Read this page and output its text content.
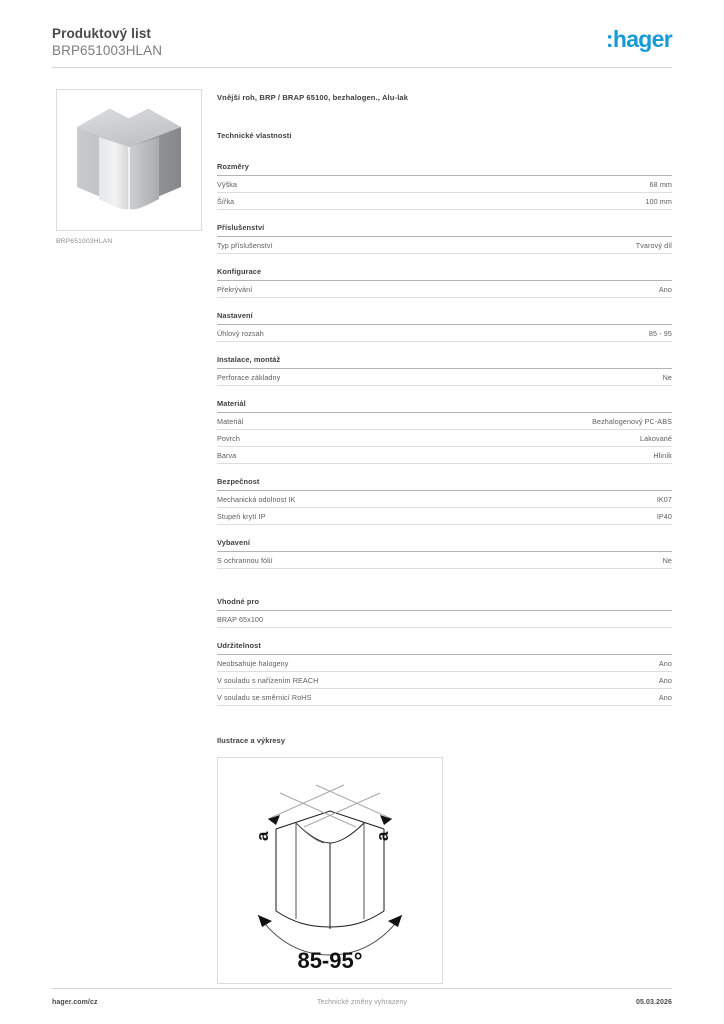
Produktový list
BRP651003HLAN	:hager
BRP651003HLAN
Vnější roh, BRP / BRAP 65100, bezhalogen., Alu-lak
Technické vlastnosti
Rozměry
Výška	68 mm
Šířka	100 mm
Příslušenství
Typ příslušenství	Tvarový díl
Konfigurace
Překrývání	Ano
Nastavení
Úhlový rozsah	85 - 95
Instalace, montáž
Perforace základny	Ne
Materiál
Materiál	Bezhalogenový PC-ABS
Povrch	Lakované
Barva	Hliník
Bezpečnost
Mechanická odolnost IK	IK07
Stupeň krytí IP	IP40
Vybavení
S ochrannou fólií	Ne
Vhodné pro
BRAP 65x100
Udržitelnost
Neobsahuje halogeny	Ano
V souladu s nařízením REACH	Ano
V souladu se směrnicí RoHS	Ano
Ilustrace a výkresy
a	a
85-95°
hager.com/cz	Technické změny vyhrazeny	05.03.2026
